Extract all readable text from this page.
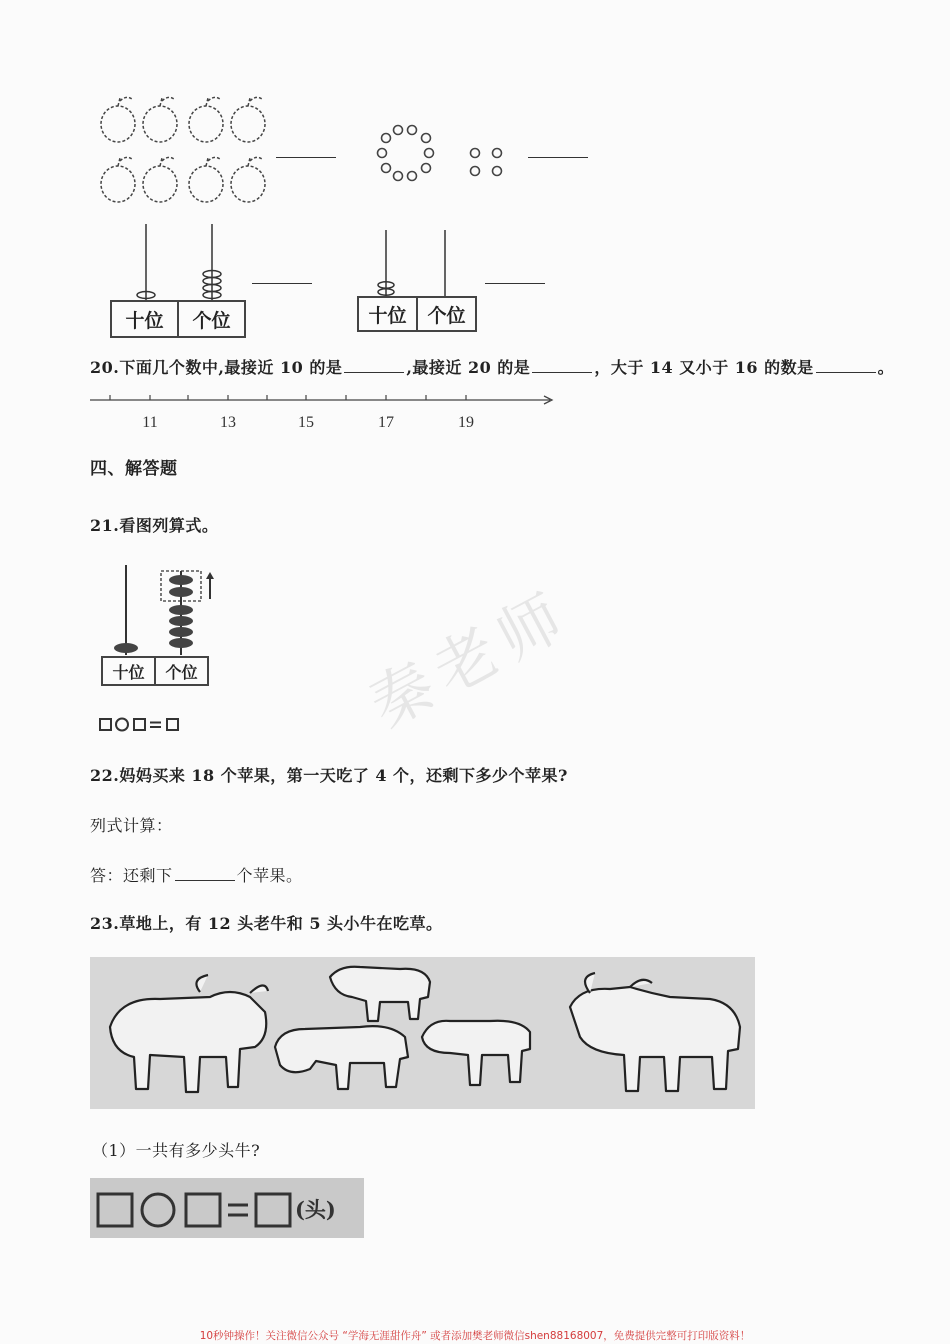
十位	个位	十位	个位
20.下面几个数中,最接近 10 的是	,最接近 20 的是	，大于 14 又小于 16 的数是	。
11	13	15	17	19
四、解答题
21.看图列算式。
十位	个位
22.妈妈买来 18 个苹果，第一天吃了 4 个，还剩下多少个苹果?
列式计算：
答：还剩下	个苹果。
23.草地上，有 12 头老牛和 5 头小牛在吃草。
（1）一共有多少头牛?
(头)
秦老师
10秒钟操作！关注微信公众号 “学海无涯甜作舟” 或者添加樊老师微信shen88168007，免费提供完整可打印版资料！
